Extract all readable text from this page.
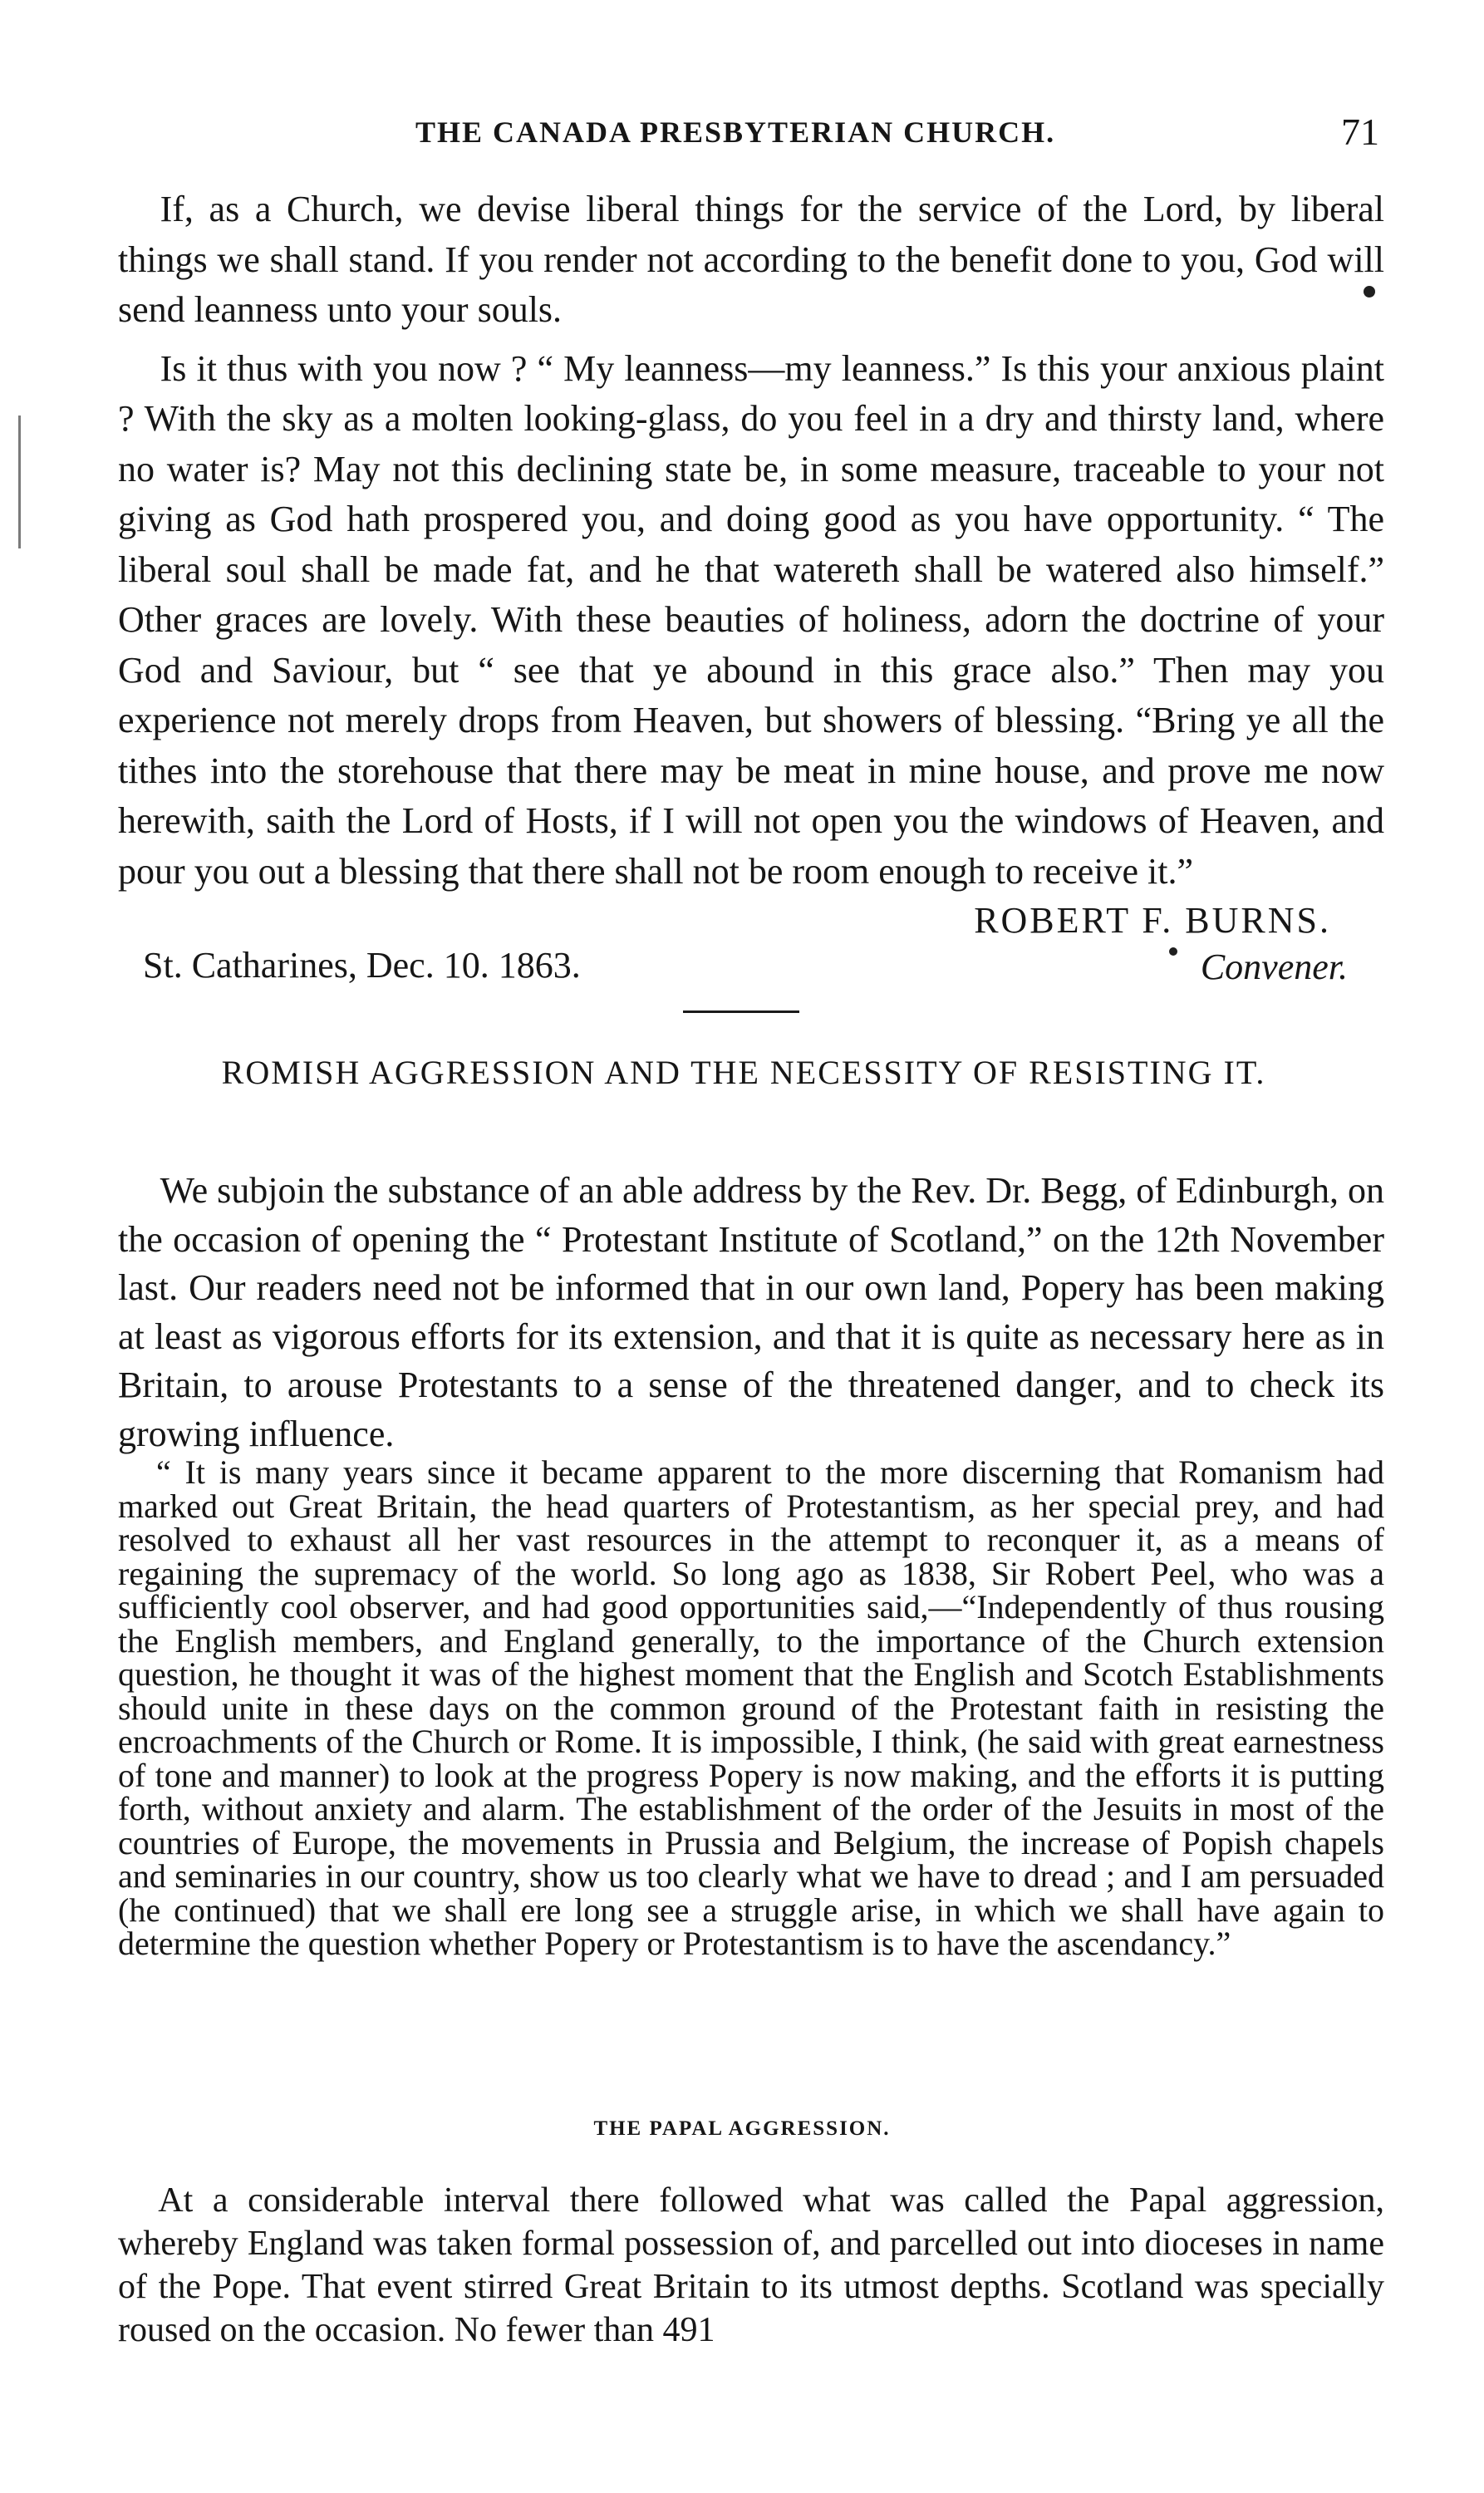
THE CANADA PRESBYTERIAN CHURCH.	71

If, as a Church, we devise liberal things for the service of the Lord, by liberal things we shall stand. If you render not according to the benefit done to you, God will send leanness unto your souls.

Is it thus with you now ? “ My leanness—my leanness.” Is this your anxious plaint ? With the sky as a molten looking-glass, do you feel in a dry and thirsty land, where no water is? May not this declining state be, in some measure, traceable to your not giving as God hath prospered you, and doing good as you have opportunity. “ The liberal soul shall be made fat, and he that watereth shall be watered also himself.” Other graces are lovely. With these beauties of holiness, adorn the doctrine of your God and Saviour, but “ see that ye abound in this grace also.” Then may you experience not merely drops from Heaven, but showers of blessing. “Bring ye all the tithes into the storehouse that there may be meat in mine house, and prove me now herewith, saith the Lord of Hosts, if I will not open you the windows of Heaven, and pour you out a blessing that there shall not be room enough to receive it.”

St. Catharines, Dec. 10. 1863.
ROBERT F. BURNS.
Convener.
ROMISH AGGRESSION AND THE NECESSITY OF RESISTING IT.

We subjoin the substance of an able address by the Rev. Dr. Begg, of Edinburgh, on the occasion of opening the “ Protestant Institute of Scotland,” on the 12th November last. Our readers need not be informed that in our own land, Popery has been making at least as vigorous efforts for its extension, and that it is quite as necessary here as in Britain, to arouse Protestants to a sense of the threatened danger, and to check its growing influence.

“ It is many years since it became apparent to the more discerning that Romanism had marked out Great Britain, the head quarters of Protestantism, as her special prey, and had resolved to exhaust all her vast resources in the attempt to reconquer it, as a means of regaining the supremacy of the world. So long ago as 1838, Sir Robert Peel, who was a sufficiently cool observer, and had good opportunities said,—“Independently of thus rousing the English members, and England generally, to the importance of the Church extension question, he thought it was of the highest moment that the English and Scotch Establishments should unite in these days on the common ground of the Protestant faith in resisting the encroachments of the Church or Rome. It is impossible, I think, (he said with great earnestness of tone and manner) to look at the progress Popery is now making, and the efforts it is putting forth, without anxiety and alarm. The establishment of the order of the Jesuits in most of the countries of Europe, the movements in Prussia and Belgium, the increase of Popish chapels and seminaries in our country, show us too clearly what we have to dread ; and I am persuaded (he continued) that we shall ere long see a struggle arise, in which we shall have again to determine the question whether Popery or Protestantism is to have the ascendancy.”

THE PAPAL AGGRESSION.

At a considerable interval there followed what was called the Papal aggression, whereby England was taken formal possession of, and parcelled out into dioceses in name of the Pope. That event stirred Great Britain to its utmost depths. Scotland was specially roused on the occasion. No fewer than 491
